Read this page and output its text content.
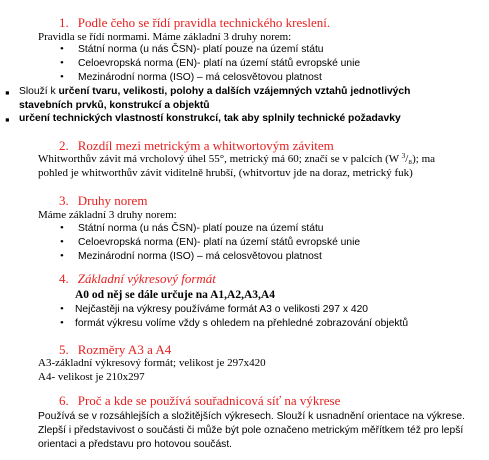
1. Podle čeho se řídí pravidla technického kreslení.
Pravidla se řídí normami. Máme základní 3 druhy norem:
• Státní norma (u nás ČSN)- platí pouze na území státu
• Celoevropská norma (EN)- platí na území států evropské unie
• Mezinárodní norma (ISO) – má celosvětovou platnost
▪ Slouží k určení tvaru, velikosti, polohy a dalších vzájemných vztahů jednotlivých
stavebních prvků, konstrukcí a objektů
▪ určení technických vlastností konstrukcí, tak aby splnily technické požadavky
2. Rozdíl mezi metrickým a whitwortovým závitem
Whitworthův závit má vrcholový úhel 55°, metrický má 60; značí se v palcích (W $^3$/₈); ma
pohled je whitworthův závit viditelně hrubší, (whitvortuv jde na doraz, metrický fuk)
3. Druhy norem
Máme základní 3 druhy norem:
• Státní norma (u nás ČSN)- platí pouze na území státu
• Celoevropská norma (EN)- platí na území států evropské unie
• Mezinárodní norma (ISO) – má celosvětovou platnost
4. Základní výkresový formát
A0 od něj se dále určuje na A1,A2,A3,A4
• Nejčastěji na výkresy používáme formát A3 o velikosti 297 x 420
• formát výkresu volíme vždy s ohledem na přehledné zobrazování objektů
5. Rozměry A3 a A4
A3-základní výkresový formát; velikost je 297x420
A4- velikost je 210x297
6. Proč a kde se používá souřadnicová síť na výkrese
Používá se v rozsáhlejších a složitějších výkresech. Slouží k usnadnění orientace na výkrese.
Zlepší i představivost o součásti či může být pole označeno metrickým měřítkem též pro lepší
orientaci a představu pro hotovou součást.
